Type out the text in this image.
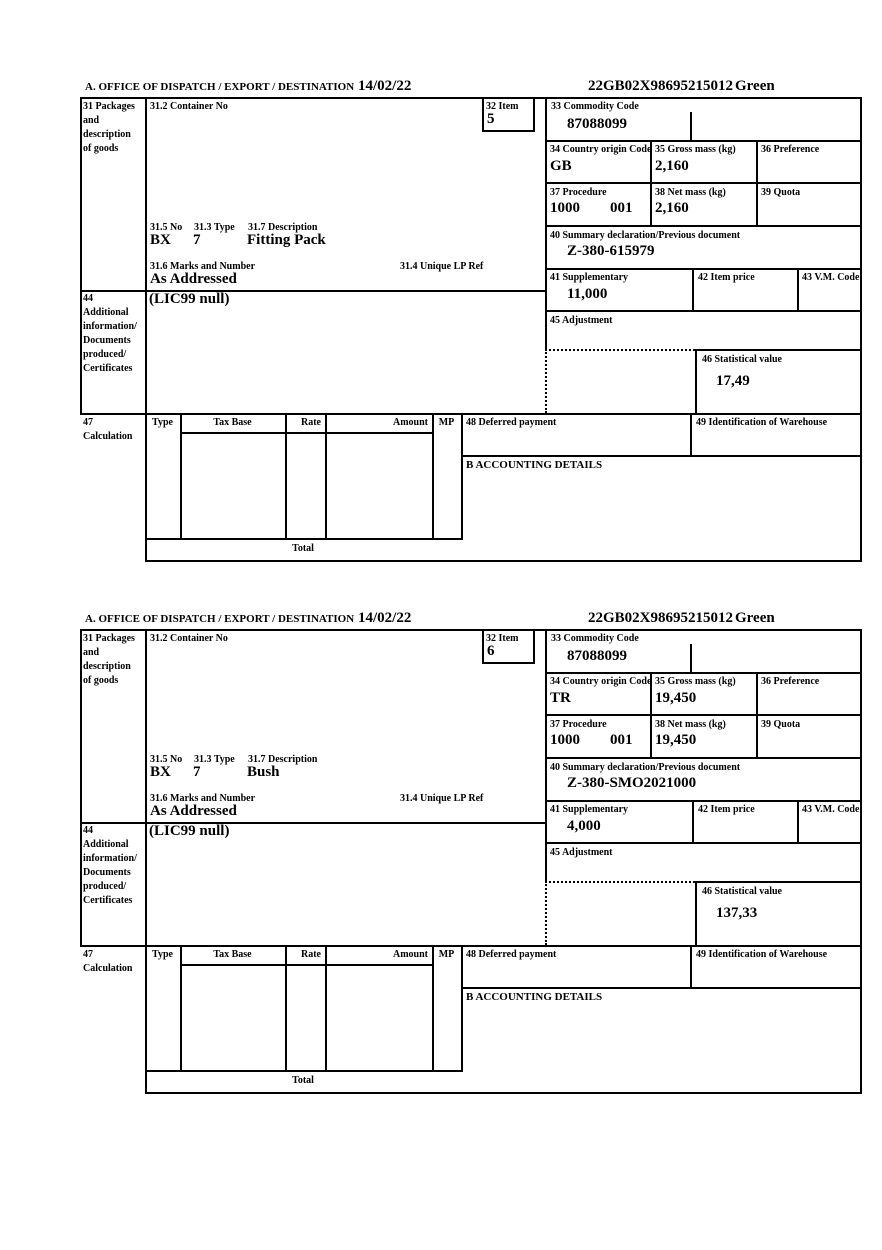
A. OFFICE OF DISPATCH / EXPORT / DESTINATION 14/02/22	22GB02X98695215012 Green
31 Packages
and
description
of goods
31.2 Container No	32 Item
5
33 Commodity Code
87088099
34 Country origin Code
GB
35 Gross mass (kg)
2,160
36 Preference
37 Procedure
1000 001
38 Net mass (kg)
2,160
39 Quota
31.5 No 31.3 Type 31.7 Description
BX 7	Fitting Pack
31.6 Marks and Number	31.4 Unique LP Ref
As Addressed
40 Summary declaration/Previous document
Z-380-615979
41 Supplementary
11,000
42 Item price	43 V.M. Code
44
Additional
information/
Documents
produced/
Certificates
(LIC99 null)
45 Adjustment
46 Statistical value
17,49
47
Calculation
Type	Tax Base	Rate	Amount	MP
Total
48 Deferred payment	49 Identification of Warehouse
B ACCOUNTING DETAILS
A. OFFICE OF DISPATCH / EXPORT / DESTINATION 14/02/22	22GB02X98695215012 Green
31 Packages
and
description
of goods
31.2 Container No	32 Item
6
33 Commodity Code
87088099
34 Country origin Code
TR
35 Gross mass (kg)
19,450
36 Preference
37 Procedure
1000 001
38 Net mass (kg)
19,450
39 Quota
31.5 No 31.3 Type 31.7 Description
BX 7	Bush
31.6 Marks and Number	31.4 Unique LP Ref
As Addressed
40 Summary declaration/Previous document
Z-380-SMO2021000
41 Supplementary
4,000
42 Item price	43 V.M. Code
44
Additional
information/
Documents
produced/
Certificates
(LIC99 null)
45 Adjustment
46 Statistical value
137,33
47
Calculation
Type	Tax Base	Rate	Amount	MP
Total
48 Deferred payment	49 Identification of Warehouse
B ACCOUNTING DETAILS
